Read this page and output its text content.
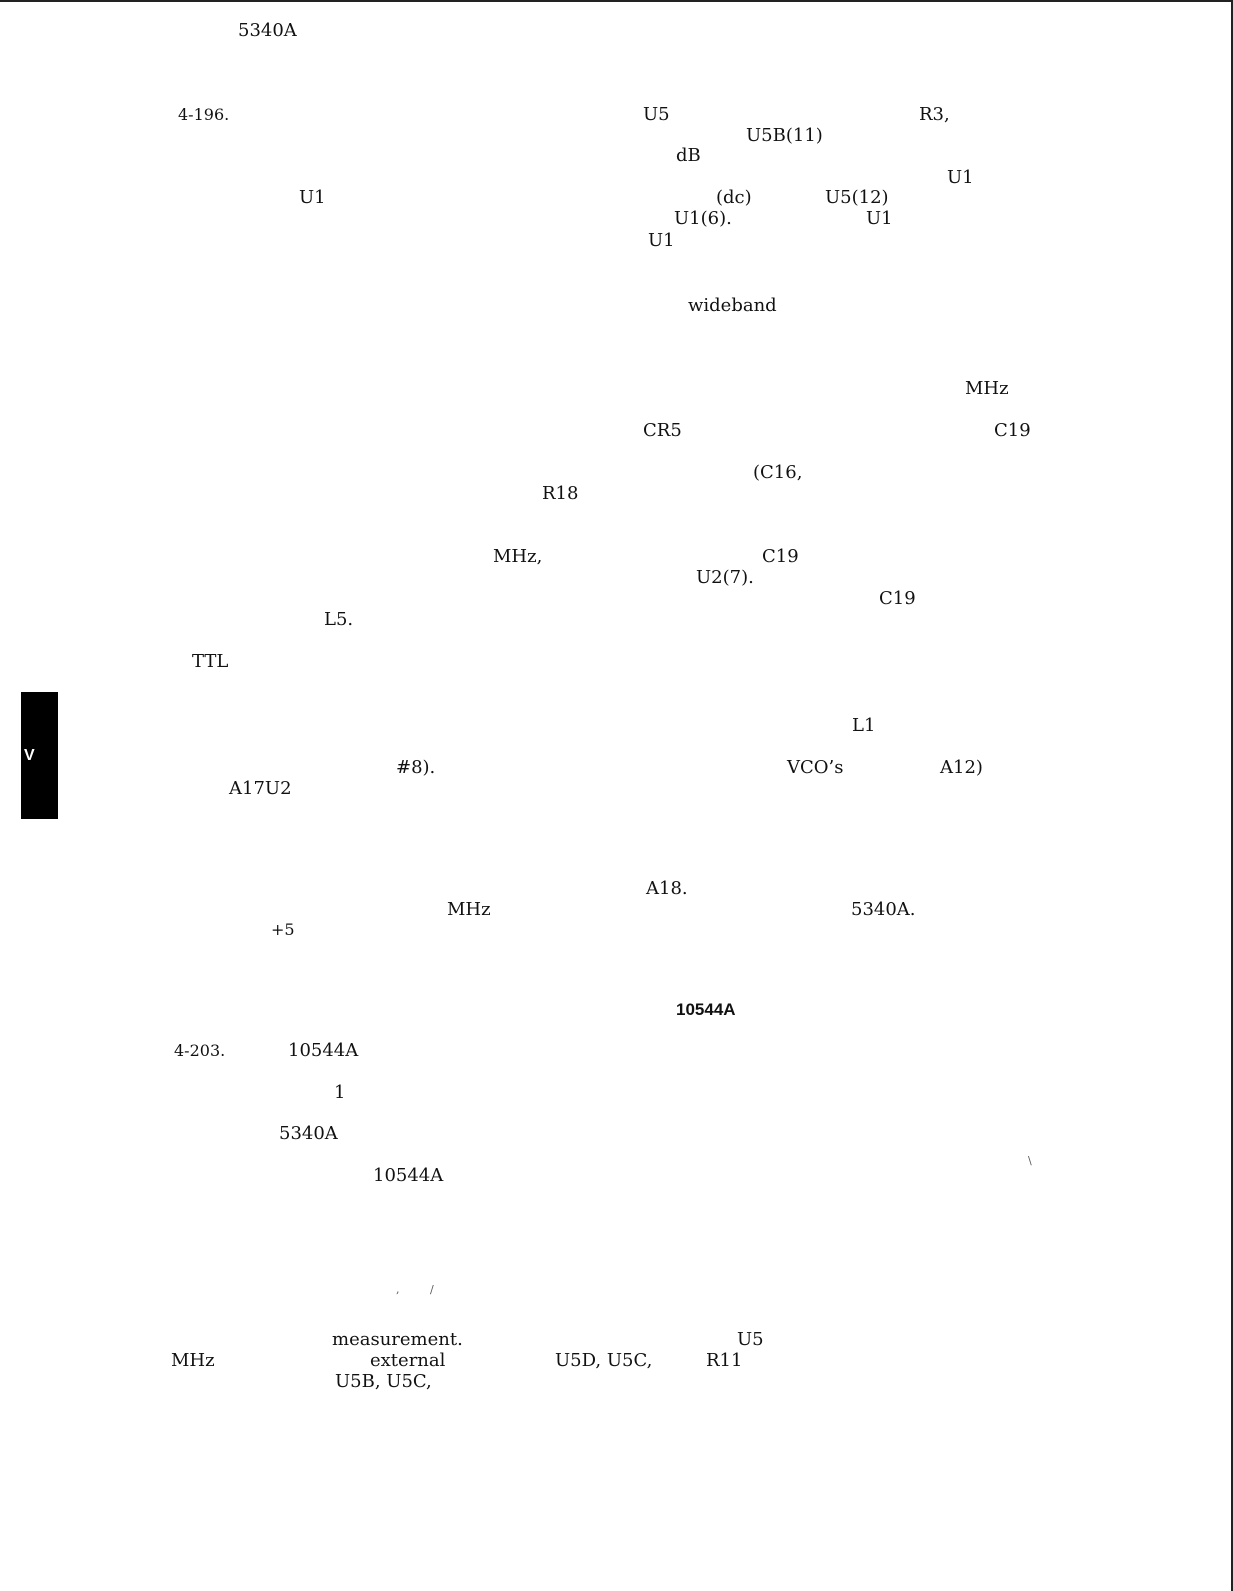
5340A
4-196.	U5	R3,
U5B(11)
dB
U1
U1	(dc)	U5(12)
U1(6).	U1
U1
wideband
MHz
CR5	C19
(C16,
R18
MHz,	C19
U2(7).
C19
L5.
TTL
V
L1
#8).	VCO’s	A12)
A17U2
A18.
MHz	5340A.
+5
10544A
4-203.	10544A
1
5340A
10544A
\
,	/
measurement.	U5
MHz	external	U5D, U5C,	R11
U5B, U5C,
